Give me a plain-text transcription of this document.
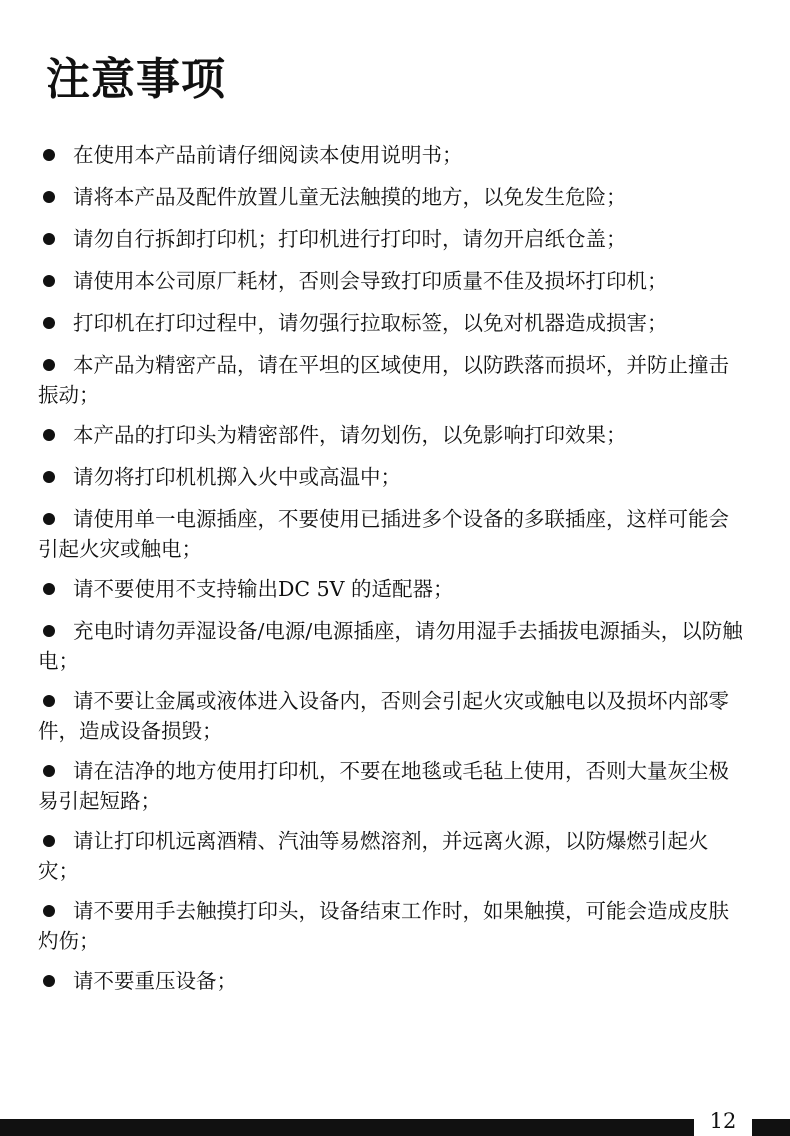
注意事项
在使用本产品前请仔细阅读本使用说明书；
请将本产品及配件放置儿童无法触摸的地方，以免发生危险；
请勿自行拆卸打印机；打印机进行打印时，请勿开启纸仓盖；
请使用本公司原厂耗材，否则会导致打印质量不佳及损坏打印机；
打印机在打印过程中，请勿强行拉取标签，以免对机器造成损害；
本产品为精密产品，请在平坦的区域使用，以防跌落而损坏，并防止撞击振动；
本产品的打印头为精密部件，请勿划伤，以免影响打印效果；
请勿将打印机机掷入火中或高温中；
请使用单一电源插座，不要使用已插进多个设备的多联插座，这样可能会引起火灾或触电；
请不要使用不支持输出DC 5V 的适配器；
充电时请勿弄湿设备/电源/电源插座，请勿用湿手去插拔电源插头，以防触电；
请不要让金属或液体进入设备内，否则会引起火灾或触电以及损坏内部零件，造成设备损毁；
请在洁净的地方使用打印机，不要在地毯或毛毡上使用，否则大量灰尘极易引起短路；
请让打印机远离酒精、汽油等易燃溶剂，并远离火源，以防爆燃引起火灾；
请不要用手去触摸打印头，设备结束工作时，如果触摸，可能会造成皮肤灼伤；
请不要重压设备；
12
